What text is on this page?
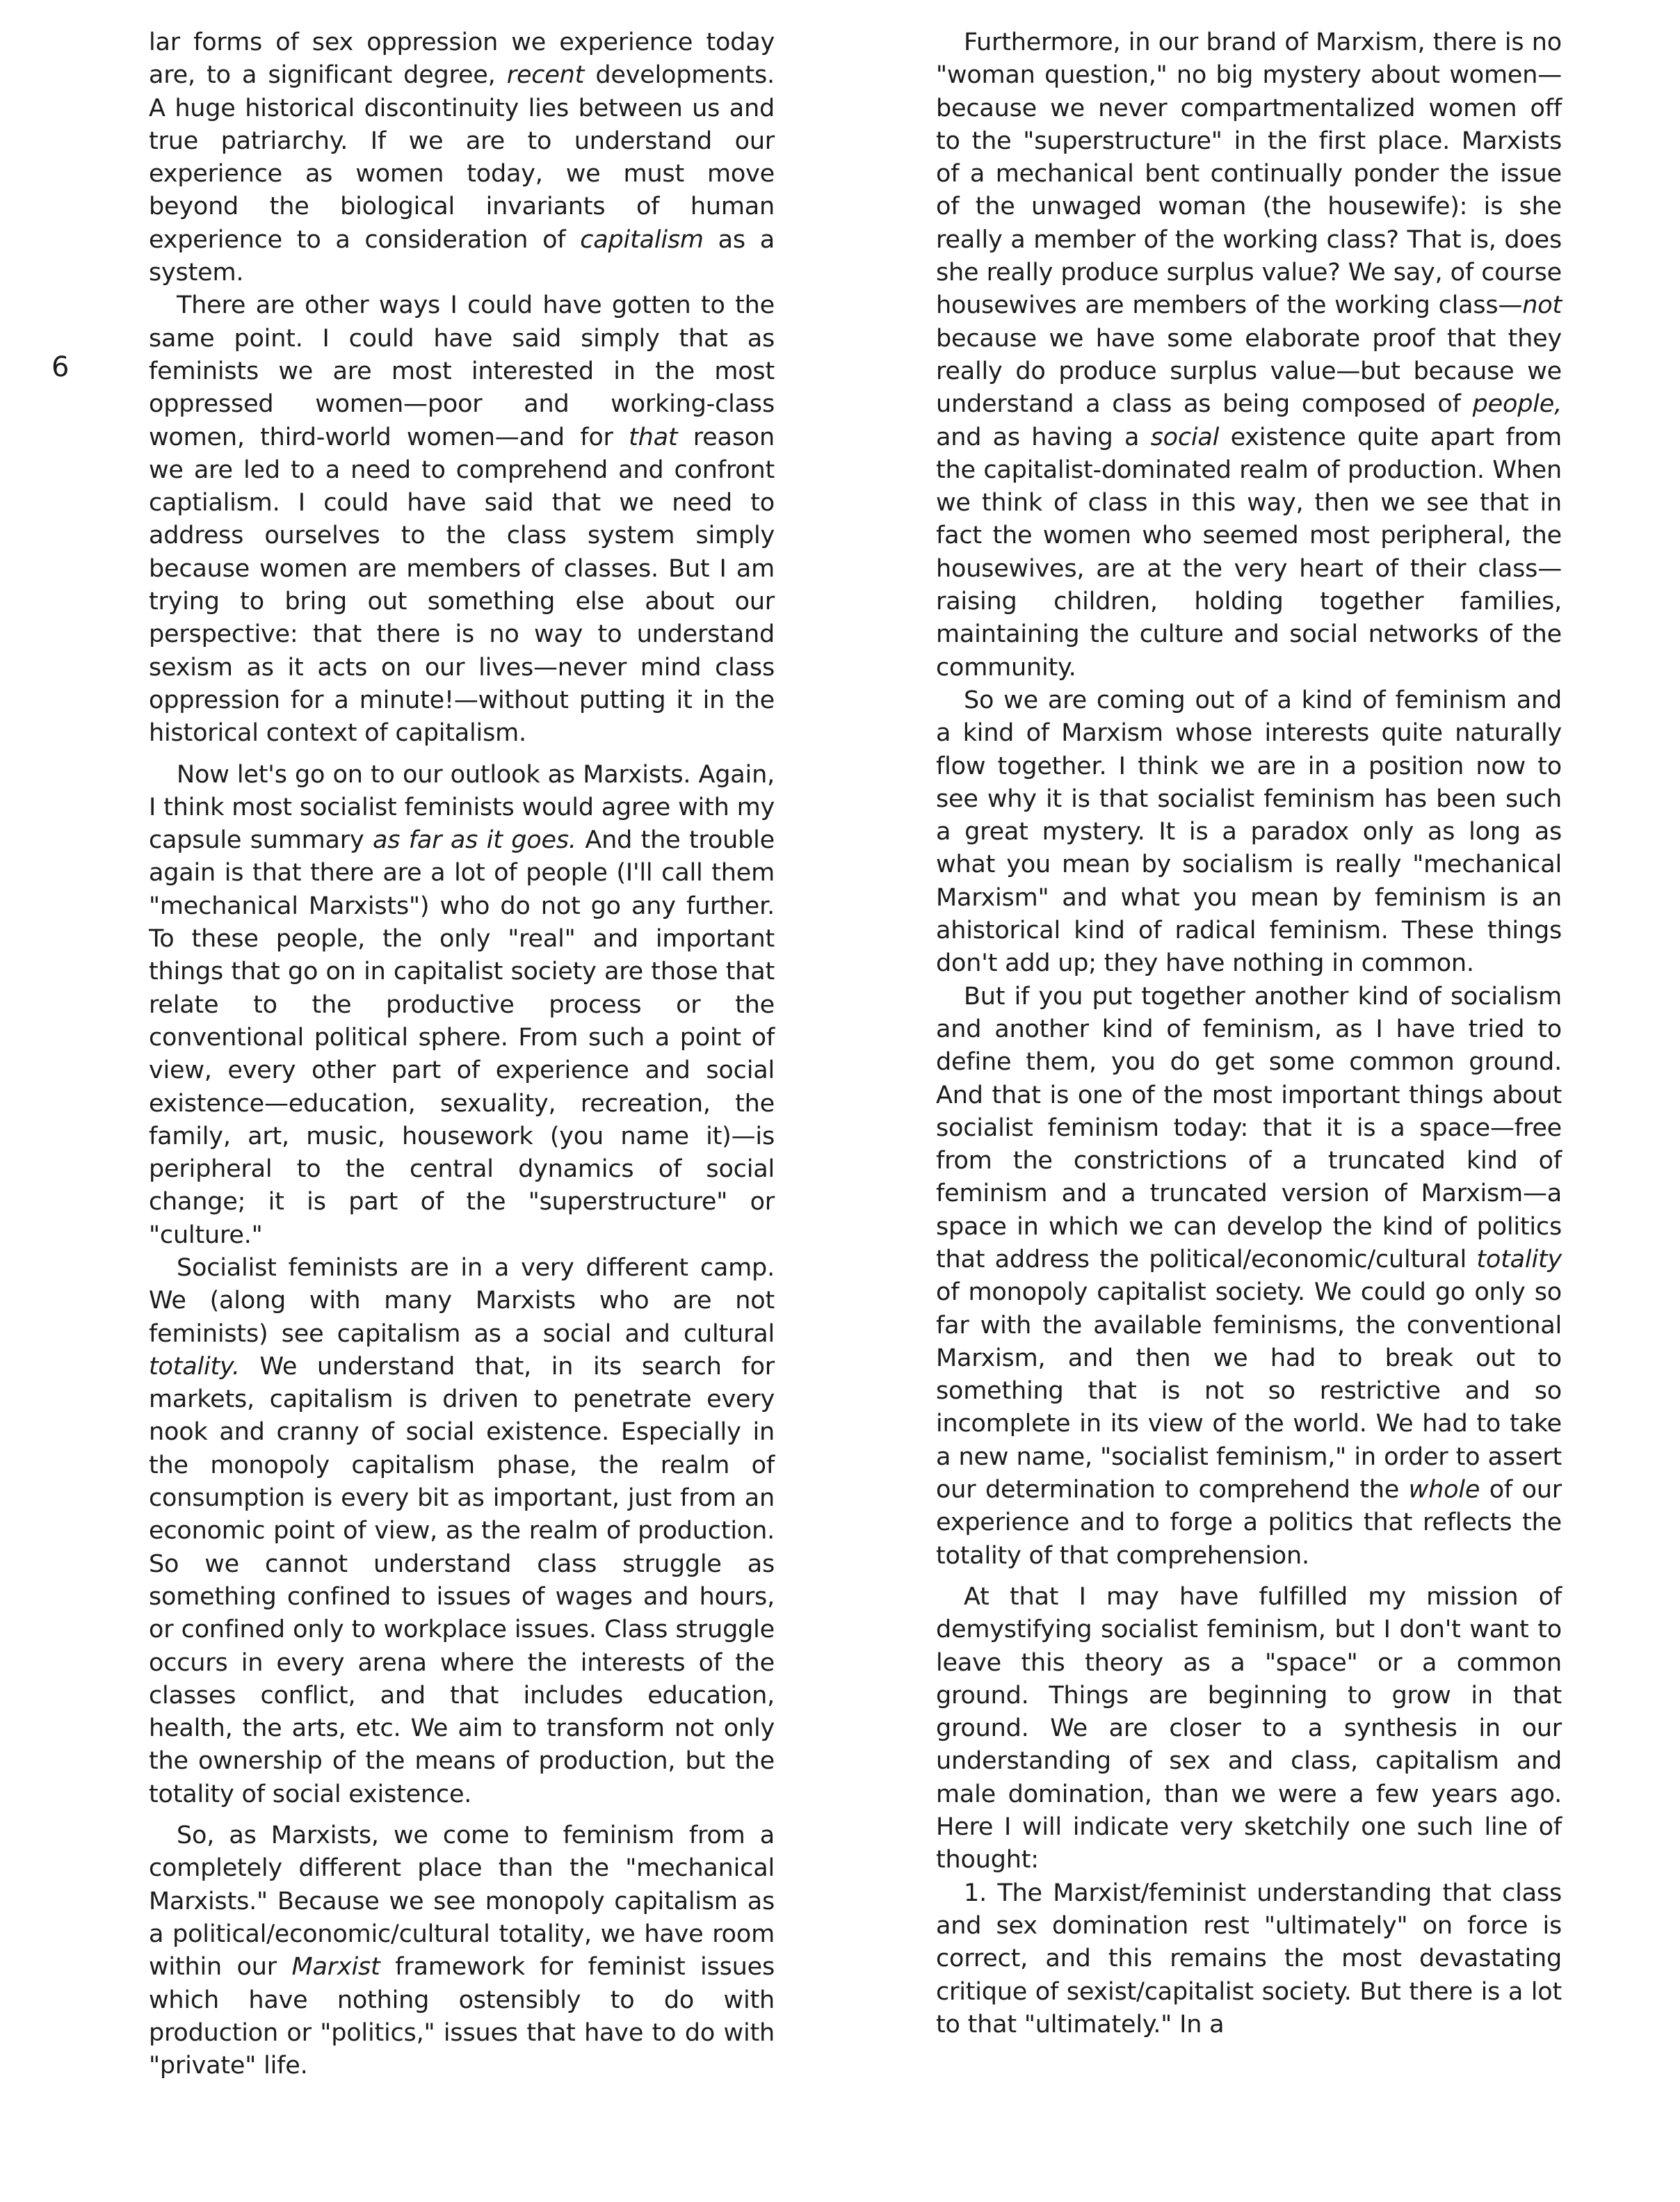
6

lar forms of sex oppression we experience today are, to a significant degree, recent developments. A huge historical discontinuity lies between us and true patriarchy. If we are to understand our experience as women today, we must move beyond the biological invariants of human experience to a consideration of capitalism as a system.

There are other ways I could have gotten to the same point. I could have said simply that as feminists we are most interested in the most oppressed women—poor and working-class women, third-world women—and for that reason we are led to a need to comprehend and confront captialism. I could have said that we need to address ourselves to the class system simply because women are members of classes. But I am trying to bring out something else about our perspective: that there is no way to understand sexism as it acts on our lives—never mind class oppression for a minute!—without putting it in the historical context of capitalism.

Now let's go on to our outlook as Marxists. Again, I think most socialist feminists would agree with my capsule summary as far as it goes. And the trouble again is that there are a lot of people (I'll call them "mechanical Marxists") who do not go any further. To these people, the only "real" and important things that go on in capitalist society are those that relate to the productive process or the conventional political sphere. From such a point of view, every other part of experience and social existence—education, sexuality, recreation, the family, art, music, housework (you name it)—is peripheral to the central dynamics of social change; it is part of the "superstructure" or "culture."

Socialist feminists are in a very different camp. We (along with many Marxists who are not feminists) see capitalism as a social and cultural totality. We understand that, in its search for markets, capitalism is driven to penetrate every nook and cranny of social existence. Especially in the monopoly capitalism phase, the realm of consumption is every bit as important, just from an economic point of view, as the realm of production. So we cannot understand class struggle as something confined to issues of wages and hours, or confined only to workplace issues. Class struggle occurs in every arena where the interests of the classes conflict, and that includes education, health, the arts, etc. We aim to transform not only the ownership of the means of production, but the totality of social existence.

So, as Marxists, we come to feminism from a completely different place than the "mechanical Marxists." Because we see monopoly capitalism as a political/economic/cultural totality, we have room within our Marxist framework for feminist issues which have nothing ostensibly to do with production or "politics," issues that have to do with "private" life.

Furthermore, in our brand of Marxism, there is no "woman question," no big mystery about women—because we never compartmentalized women off to the "superstructure" in the first place. Marxists of a mechanical bent continually ponder the issue of the unwaged woman (the housewife): is she really a member of the working class? That is, does she really produce surplus value? We say, of course housewives are members of the working class—not because we have some elaborate proof that they really do produce surplus value—but because we understand a class as being composed of people, and as having a social existence quite apart from the capitalist-dominated realm of production. When we think of class in this way, then we see that in fact the women who seemed most peripheral, the housewives, are at the very heart of their class—raising children, holding together families, maintaining the culture and social networks of the community.

So we are coming out of a kind of feminism and a kind of Marxism whose interests quite naturally flow together. I think we are in a position now to see why it is that socialist feminism has been such a great mystery. It is a paradox only as long as what you mean by socialism is really "mechanical Marxism" and what you mean by feminism is an ahistorical kind of radical feminism. These things don't add up; they have nothing in common.

But if you put together another kind of socialism and another kind of feminism, as I have tried to define them, you do get some common ground. And that is one of the most important things about socialist feminism today: that it is a space—free from the constrictions of a truncated kind of feminism and a truncated version of Marxism—a space in which we can develop the kind of politics that address the political/economic/cultural totality of monopoly capitalist society. We could go only so far with the available feminisms, the conventional Marxism, and then we had to break out to something that is not so restrictive and so incomplete in its view of the world. We had to take a new name, "socialist feminism," in order to assert our determination to comprehend the whole of our experience and to forge a politics that reflects the totality of that comprehension.

At that I may have fulfilled my mission of demystifying socialist feminism, but I don't want to leave this theory as a "space" or a common ground. Things are beginning to grow in that ground. We are closer to a synthesis in our understanding of sex and class, capitalism and male domination, than we were a few years ago. Here I will indicate very sketchily one such line of thought:

1. The Marxist/feminist understanding that class and sex domination rest "ultimately" on force is correct, and this remains the most devastating critique of sexist/capitalist society. But there is a lot to that "ultimately." In a
